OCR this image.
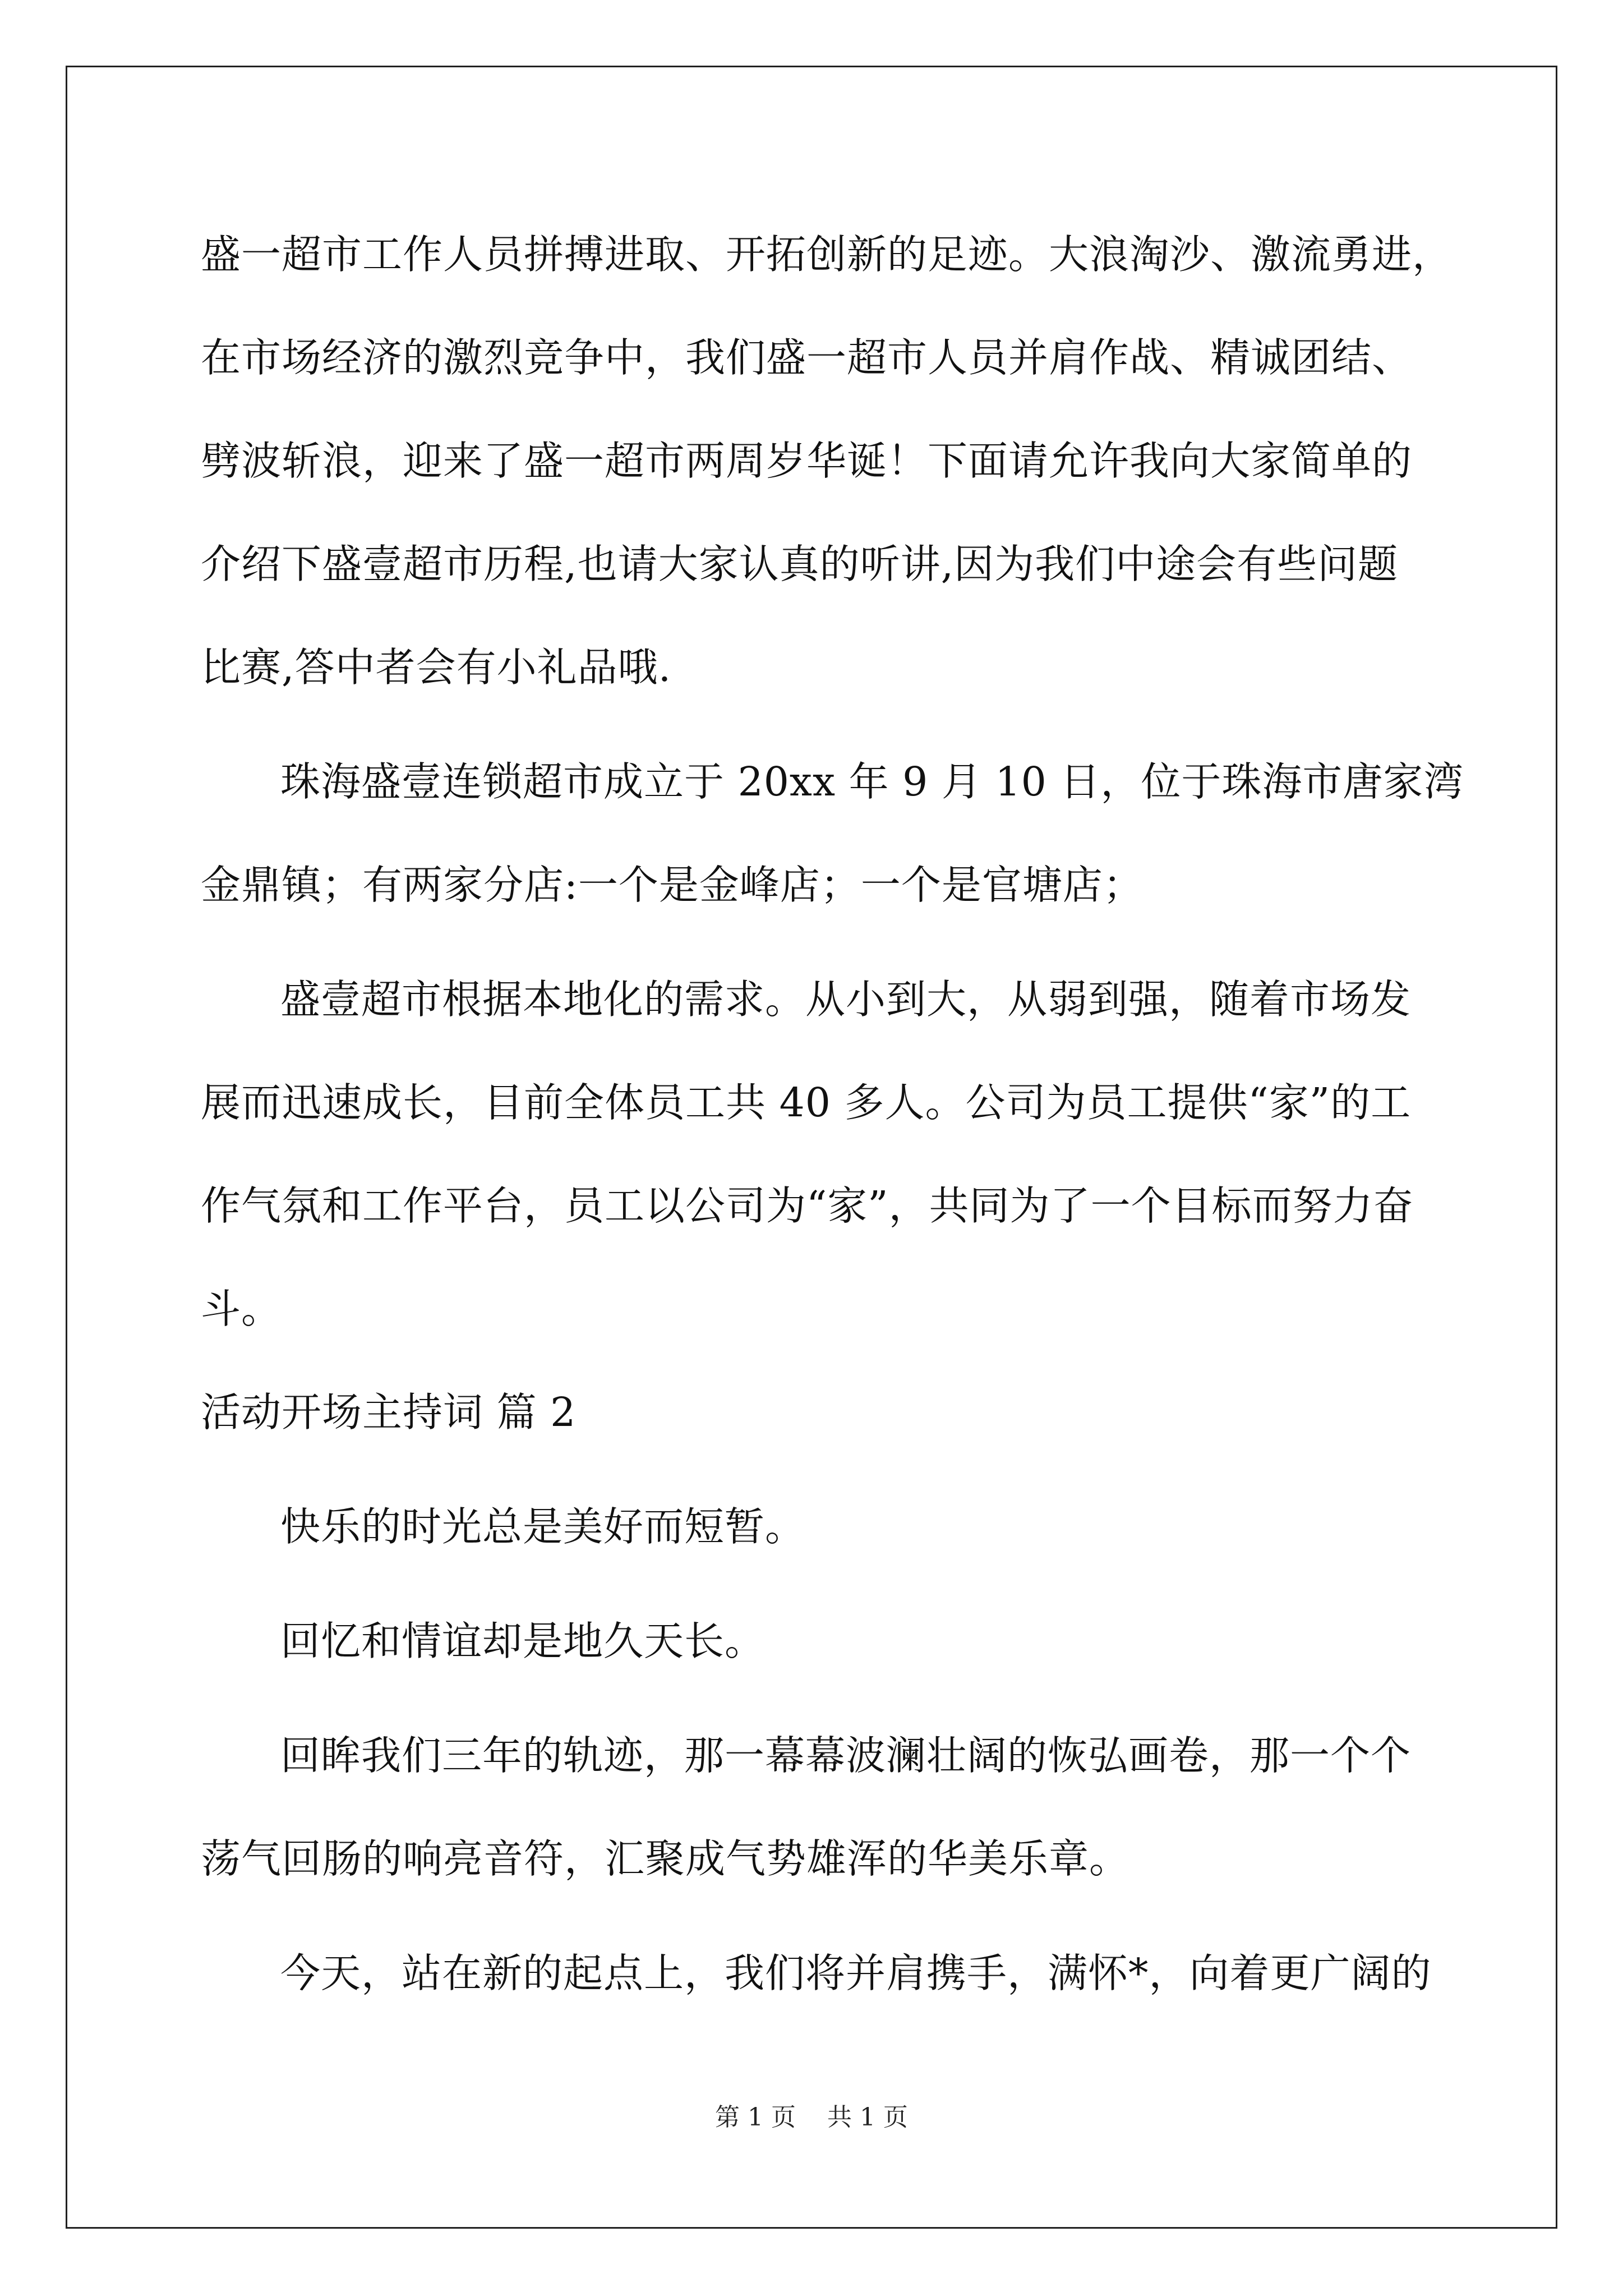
盛一超市工作人员拼搏进取、开拓创新的足迹。大浪淘沙、激流勇进，
在市场经济的激烈竞争中，我们盛一超市人员并肩作战、精诚团结、
劈波斩浪，迎来了盛一超市两周岁华诞！下面请允许我向大家简单的
介绍下盛壹超市历程,也请大家认真的听讲,因为我们中途会有些问题
比赛,答中者会有小礼品哦.
珠海盛壹连锁超市成立于 20xx 年 9 月 10 日，位于珠海市唐家湾
金鼎镇；有两家分店:一个是金峰店；一个是官塘店；
盛壹超市根据本地化的需求。从小到大，从弱到强，随着市场发
展而迅速成长，目前全体员工共 40 多人。公司为员工提供“家”的工
作气氛和工作平台，员工以公司为“家”，共同为了一个目标而努力奋
斗。
活动开场主持词 篇 2
快乐的时光总是美好而短暂。
回忆和情谊却是地久天长。
回眸我们三年的轨迹，那一幕幕波澜壮阔的恢弘画卷，那一个个
荡气回肠的响亮音符，汇聚成气势雄浑的华美乐章。
今天，站在新的起点上，我们将并肩携手，满怀*，向着更广阔的
第 1 页    共 1 页
